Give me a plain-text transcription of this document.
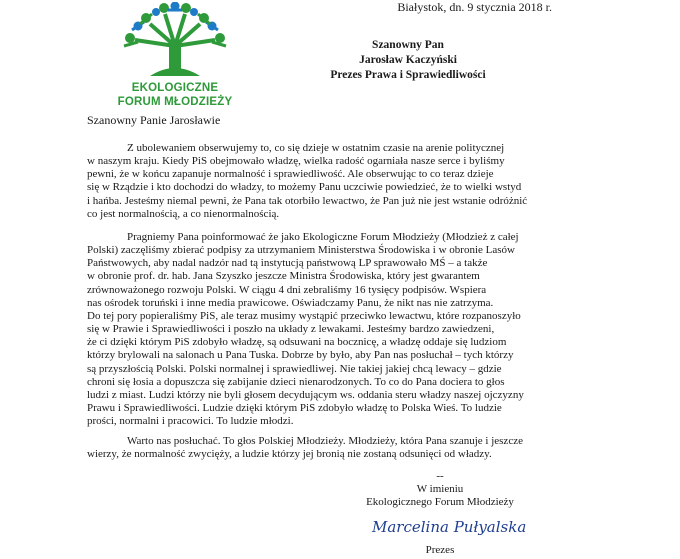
EKOLOGICZNE
FORUM MŁODZIEŻY
Białystok, dn. 9 stycznia 2018 r.
Szanowny Pan
Jarosław Kaczyński
Prezes Prawa i Sprawiedliwości
Szanowny Panie Jarosławie
Z ubolewaniem obserwujemy to, co się dzieje w ostatnim czasie na arenie politycznej
w naszym kraju. Kiedy PiS obejmowało władzę, wielka radość ogarniała nasze serce i byliśmy
pewni, że w końcu zapanuje normalność i sprawiedliwość. Ale obserwując to co teraz dzieje
się w Rządzie i kto dochodzi do władzy, to możemy Panu uczciwie powiedzieć, że to wielki wstyd
i hańba. Jesteśmy niemal pewni, że Pana tak otorbiło lewactwo, że Pan już nie jest wstanie odróżnić
co jest normalnością, a co nienormalnością.
Pragniemy Pana poinformować że jako Ekologiczne Forum Młodzieży (Młodzież z całej
Polski) zaczęliśmy zbierać podpisy za utrzymaniem Ministerstwa Środowiska i w obronie Lasów
Państwowych, aby nadal nadzór nad tą instytucją państwową LP sprawowało MŚ – a także
w obronie prof. dr. hab. Jana Szyszko jeszcze Ministra Środowiska, który jest gwarantem
zrównoważonego rozwoju Polski. W ciągu 4 dni zebraliśmy 16 tysięcy podpisów. Wspiera
nas ośrodek toruński i inne media prawicowe. Oświadczamy Panu, że nikt nas nie zatrzyma.
Do tej pory popieraliśmy PiS, ale teraz musimy wystąpić przeciwko lewactwu, które rozpanoszyło
się w Prawie i Sprawiedliwości i poszło na układy z lewakami. Jesteśmy bardzo zawiedzeni,
że ci dzięki którym PiS zdobyło władzę, są odsuwani na boczniсę, a władzę oddaje się ludziom
którzy brylowali na salonach u Pana Tuska. Dobrze by było, aby Pan nas posłuchał – tych którzy
są przyszłością Polski. Polski normalnej i sprawiedliwej. Nie takiej jakiej chcą lewacy – gdzie
chroni się łosia a dopuszcza się zabijanie dzieci nienarodzonych. To co do Pana dociera to głos
ludzi z miast. Ludzi którzy nie byli głosem decydującym ws. oddania steru władzy naszej ojczyzny
Prawu i Sprawiedliwości. Ludzie dzięki którym PiS zdobyło władzę to Polska Wieś. To ludzie
prości, normalni i pracowici. To ludzie młodzi.
Warto nas posłuchać. To głos Polskiej Młodzieży. Młodzieży, która Pana szanuje i jeszcze
wierzy, że normalność zwycięży, a ludzie którzy jej bronią nie zostaną odsunięci od władzy.
--
W imieniu
Ekologicznego Forum Młodzieży
Marcelina Pułyalska
Prezes
